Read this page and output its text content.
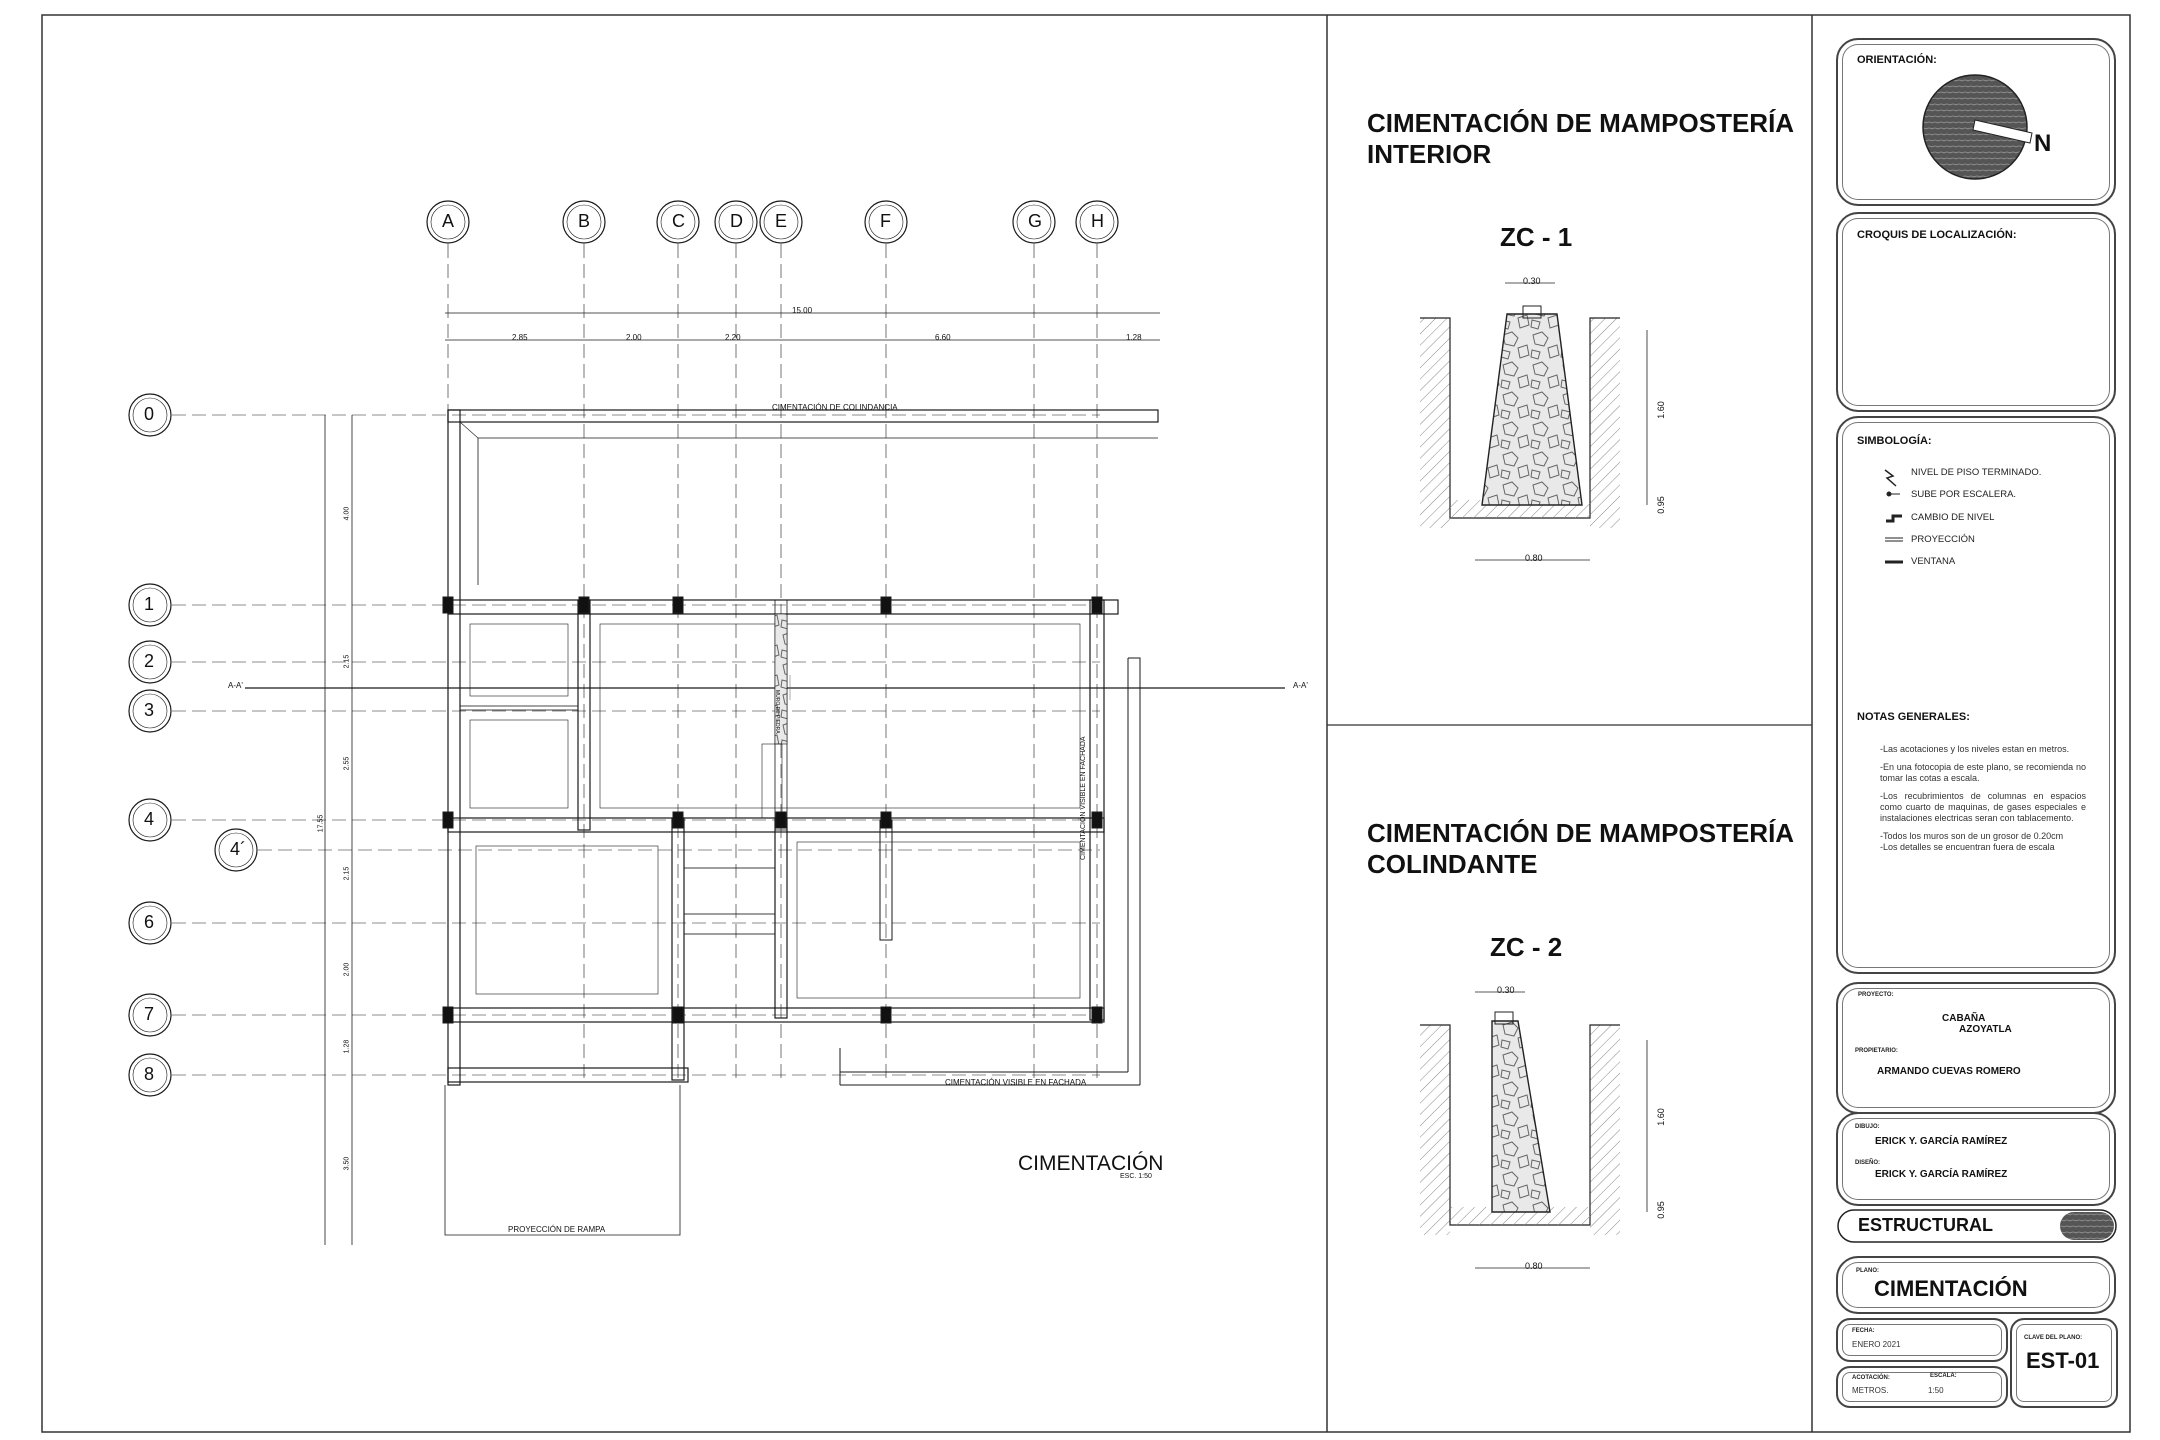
A	B	C	D E	F	G	H
0
1
2
3
4
4´
6
7
8
15.00
2.85	2.00	2.20	6.60	1.28
4.00
2.15
2.55
2.15
2.00
1.28
3.50
17.55
CIMENTACIÓN DE COLINDANCIA
CIMENTACIÓN VISIBLE EN FACHADA
CIMENTACIÓN VISIBLE EN FACHADA
PROYECCIÓN DE RAMPA
MURO DE PIEDRA
A-A'	A-A'
CIMENTACIÓN
ESC. 1:50
CIMENTACIÓN DE MAMPOSTERÍA
INTERIOR
ZC - 1
0.30
0.80
1.60
0.95
CIMENTACIÓN DE MAMPOSTERÍA
COLINDANTE
ZC - 2
0.30
0.80
1.60
0.95
ORIENTACIÓN:
N
CROQUIS DE LOCALIZACIÓN:
SIMBOLOGÍA:
NIVEL DE PISO TERMINADO.
SUBE POR ESCALERA.
CAMBIO DE NIVEL
PROYECCIÓN
VENTANA
NOTAS GENERALES:

-Las acotaciones y los niveles estan en metros.

-En una fotocopia de este plano, se recomienda no tomar las cotas a escala.

-Los recubrimientos de columnas en espacios como cuarto de maquinas, de gases especiales e instalaciones electricas seran con tablacemento.

-Todos los muros son de un grosor de 0.20cm
-Los detalles se encuentran fuera de escala

PROYECTO:
CABAÑA
AZOYATLA
PROPIETARIO:
ARMANDO CUEVAS ROMERO
DIBUJO:
ERICK Y. GARCÍA RAMÍREZ
DISEÑO:
ERICK Y. GARCÍA RAMÍREZ
ESTRUCTURAL
PLANO:
CIMENTACIÓN
FECHA:
ENERO 2021
CLAVE DEL PLANO:
EST-01
ACOTACIÓN:
METROS.
ESCALA:
1:50
